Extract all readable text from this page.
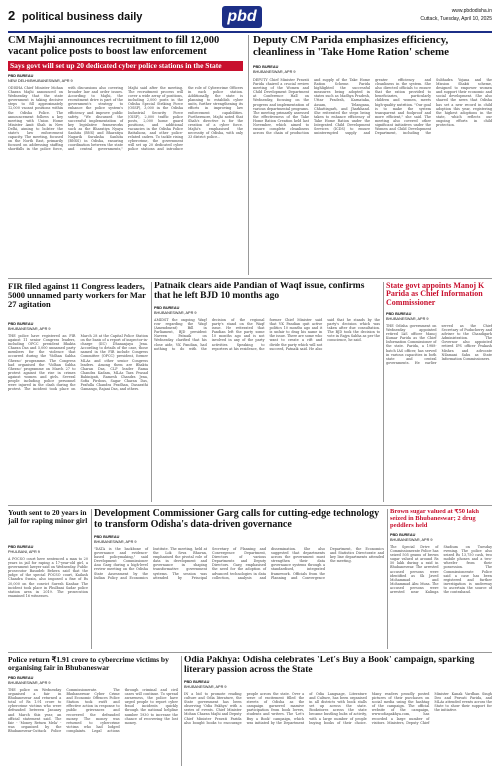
2 political business daily	pbd	www.pbdodisha.in
Cuttack, Tuesday, April 10, 2025
CM Majhi announces recruitment to fill 12,000 vacant police posts to boost law enforcement
Says govt will set up 20 dedicated cyber police stations in the State
PBD BUREAU
NEW DELHI/BHUBANESWAR, APR 9
ODISHA Chief Minister Mohan Charan Majhi announced on Wednesday that the state government is taking decisive steps to fill approximately 12,000 vacant positions within the Odisha Police. The announcement follows a key meeting with Union Home Minister Amit Shah in New Delhi, aiming to bolster the state's law enforcement capacity. The meeting, focused on the North East, primarily focused on addressing staffing shortfalls in the police force, with discussions also covering broader law and order issues. According to Majhi, the recruitment drive is part of the government's strategy to enhance the police system's efficiency and improve public safety. "We discussed the successful implementation of key legislative frameworks such as the Bharatiya Nyaya Sanhita (BNS) and Bharatiya Nagarik Suraksha Sanhita (BNSS) in Odisha, ensuring coordination between the state and central governments," Majhi said after the meeting. The recruitment process will cover a wide array of positions, including 2,000 posts in the Odisha Special Striking Force (OSSF), 3,000 in the Odisha Industrial Security Force (OISF), 2,000 traffic police posts, 2,000 home guard positions, and additional vacancies in the Odisha Police Battalions, and other police-related cadres. To tackle rising cybercrime, the government will set up 20 dedicated cyber police stations and introduce the role of Cybercrime Officers in each police station. Additionally, the state is planning to establish cyber units, further strengthening its efforts in improving law enforcement capabilities. Furthermore, Majhi noted that Shah's directive is for the creation of a cyber force. Majhi's emphasised the necessity of Odisha, with only 33 district police...
Deputy CM Parida emphasizes efficiency, cleanliness in 'Take Home Ration' scheme
PBD BUREAU
BHUBANESWAR, APR 9
DEPUTY Chief Minister Pravati Parida chaired a crucial review meeting of the Women and Child Development Department at Conference Hall on Wednesday, focusing on the progress and implementation of various departmental programs. The meeting primarily assessed the effectiveness of the Take Home Ration Creation held last November, which aimed to ensure complete cleanliness across the chain of production and supply of the Take Home Ration Scheme. Parida highlighted the successful measures being adopted in states such as Madhya Pradesh, Uttar Pradesh, Karnataka, Assam, Telangana, Chhattisgarh, and Jharkhand. She reiterated the steps being taken to enhance efficiency of Take Home Ration under the Integrated Child Development Services (ICDS) to ensure uninterrupted supply and greater efficiency and cleanliness in the system. She also directed officials to ensure that the ration provided to beneficiaries, particularly children and women, meets high-quality nutrition. "Our goal is to make the system transparent and foolproof and more efficient," she said. The meeting also covered other significant initiatives under the Women and Child Development Department, including the Subhadra Yojana and the Mission Shakti scheme, designed to empower women and support their economic and social development. She also shared the news that Odisha has set a new record in child adoption this year, registering the highest adoptions in the state, which reflects our ongoing efforts in child protection.
FIR filed against 11 Congress leaders, 5000 unnamed party workers for Mar 27 agitation
PBD BUREAU
BHUBANESWAR, APR 9
THE police have registered an FIR against 11 senior Congress leaders, including OPCC president Bhakta Charan Das and 5,000 unnamed party members for the violence that occurred during the 'Vidhan Sabha Gherao' programme. The Congress had organised the 'Vidhan Sabha Gherao' programme on March 27 to protest against the rise in crimes against women and girls. Several people including police personnel were injured in the clash during the protest. The incident took place on March 28 at the Capital Police Station on the basis of a report of inspector-in-charge (IIC) Dhananjaya Jena. According to details of the case, those named in the FIR include Congress Committee (OPCC) president, former MLAs and other senior Congress leaders. Among them are Bhakta Charan Das, CLP leader Rama Chandra Kadam, MLAs Tara Prasad Bahinipati, Ramesh Chandra Jena, Sofia Firdous, Sagar Charan Das, Prafulla Chandra Pradhan, Dasarathi Gamango, Rajani Das, and others.
Patnaik clears aide Pandian of Waqf issue, confirms that he left BJD 10 months ago
PBD BUREAU
BHUBANESWAR, APR 9
AMIDST the ongoing Waqf row regarding the Waqf (Amendment) Bill in Parliament, BJD president Naveen Patnaik on Wednesday clarified that his close aide, VK Pandian, had nothing to do with the decision of the regional party's stand on the Waqf issue. He reiterated that Pandian left the party some 10 months ago and is not involved in any of the party activities. Speaking to reporters at his residence, the former Chief Minister said that VK Pandian quit active politics 10 months ago and it is unfair to drag his name in the issue. There are some who want to create a rift and divide the party which will not succeed, Patnaik said. He also said that he stands by the party's decision which was taken after due consultation. The BJD took the decision to vote in Rajya Sabha as per the conscience, he said.
State govt appoints Manoj K Parida as Chief Information Commissioner
PBD BUREAU
BHUBANESWAR, APR 9
THE Odisha government on Wednesday appointed retired IAS officer Manoj Kumar Parida as the Chief Information Commissioner of the state. Parida, a 1988-batch IAS officer, has served in various capacities in both state and central governments. He earlier served as the Chief Secretary of Puducherry and adviser to the Chandigarh Administration. The Governor also appointed retired IPS officer Prakash Mishra and advocate Nilamani Sahu as State Information Commissioners.
Youth sent to 20 years in jail for raping minor girl
PBD BUREAU
PHULBANI, APR 9
A POCSO court here sentenced a man to 20 years in jail for raping a 17-year-old girl, a government lawyer said on Wednesday. Public prosecutor Basudeb Behera said that the judge of the special POCSO court, Kailash Chandra Swain, also imposed a fine of Rs 20,000 on the convict Suresh Kanhar. The incident took place in Phulbani Sadar police station area in 2019. The prosecution examined 16 witnesses.
Development Commissioner Garg calls for cutting-edge technology to transform Odisha's data-driven governance
PBD BUREAU
BHUBANESWAR, APR 9
"DATA is the backbone of governance and evidence-based policymaking," said Development Commissioner Anu Garg during a high-level review meeting on the Odisha State Assessment by the Indian Policy and Economics Institute. The meeting, held at the Lok Seva Bhavan, emphasised the pivotal role of data in development and governance in shaping transformative government systems. The session was attended by Principal Secretary of Planning and Convergence Department, Directors of various Departments and Deputy Directors. Garg emphasised the need for the adoption of advanced technologies in data collection, analysis and dissemination. She also suggested that departments across the government must strengthen their data governance systems through a standardised, integrated framework. Officials from the Planning and Convergence Department, the Economics and Statistics Directorate and key line departments attended the meeting.
Brown sugar valued at ₹50 lakh seized in Bhubaneswar; 2 drug peddlers held
PBD BUREAU
BHUBANESWAR, APR 9
The Special Drive of Commissionerate Police has seized 505 grams of brown sugar valued at around Rs 50 lakh during a raid in Bhubaneswar. The arrested accused persons were identified as Sk Javed Mohammad and Mohammad Abu Musa. The accused persons were arrested near Kalinga Stadium on Tuesday evening. The police also seized Rs 13,750 cash, two mobile phones and a two-wheeler from their possession. The Commissionerate Police said a case has been registered and further investigation is underway to ascertain the source of the contraband.
Police return ₹1.91 crore to cybercrime victims by organising fair in Bhubaneswar
PBD BUREAU
BHUBANESWAR, APR 9
THE police on Wednesday organised a fair in Bhubaneswar and returned a total of Rs 1.91 crore to cybercrime victims who were defrauded between January and March this year, an official statement said. The fair - 'Money Return Mela' - was organised by the Bhubaneswar-Cuttack Police Commissionerate. The Bhubaneswar Cyber Crime and Economic Offences Police Station took swift and effective action in response to public grievances and recovered the defrauded money. The money was returned to cybercrime victims who had lodged complaints. Legal actions through criminal and civil cases will continue. To spread awareness, the police have urged people to report cyber fraud incidents quickly through the national helpline number 1930 to increase the chance of recovering the lost money.
Odia Pakhya: Odisha celebrates 'Let's Buy a Book' campaign, sparking literary passion across the State
PBD BUREAU
BHUBANESWAR, APR 9
IN a bid to promote reading culture and Odia literature, the State government has been observing 'Odia Pakhya' with a series of events. Chief Minister Mohan Charan Majhi and Deputy Chief Minister Pravati Parida also bought books to encourage people across the state. Over a wave of excitement filled the streets of Odisha as the campaign garnered massive participation from book lovers, students and writers. The 'Let's Buy a Book' campaign, which was initiated by the Department of Odia Language, Literature and Culture, has been organised in all districts with book stalls set up across the state. Bookstores across the state became bustling hubs of activity, with a large number of people buying books of their choice. Many readers proudly posted pictures of their purchases on social media using the hashtag of the campaign. The official website of the campaign, www.odiapakhya.com, has recorded a large number of visitors. Ministers, Deputy Chief Minister Kanak Vardhan Singh Deo and Pravati Parida, and MLAs attended events across the State to show their support for the initiative.
